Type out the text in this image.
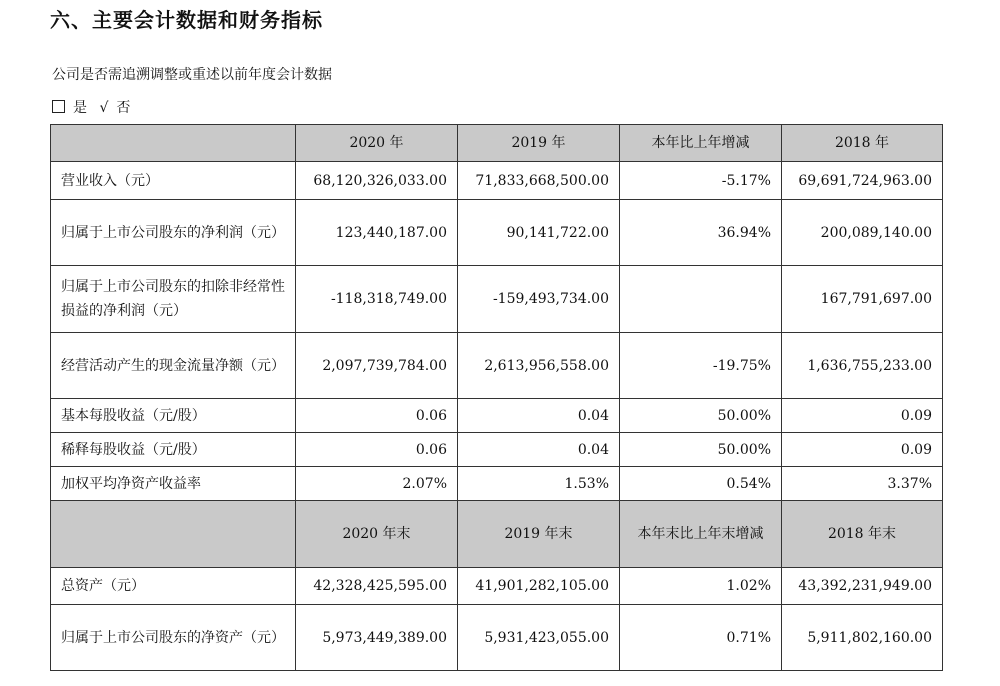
六、主要会计数据和财务指标
公司是否需追溯调整或重述以前年度会计数据
是 √ 否
	2020 年	2019 年	本年比上年增减	2018 年
营业收入（元）	68,120,326,033.00	71,833,668,500.00	-5.17%	69,691,724,963.00
归属于上市公司股东的净利润（元）	123,440,187.00	90,141,722.00	36.94%	200,089,140.00
归属于上市公司股东的扣除非经常性损益的净利润（元）	-118,318,749.00	-159,493,734.00		167,791,697.00
经营活动产生的现金流量净额（元）	2,097,739,784.00	2,613,956,558.00	-19.75%	1,636,755,233.00
基本每股收益（元/股）	0.06	0.04	50.00%	0.09
稀释每股收益（元/股）	0.06	0.04	50.00%	0.09
加权平均净资产收益率	2.07%	1.53%	0.54%	3.37%
	2020 年末	2019 年末	本年末比上年末增减	2018 年末
总资产（元）	42,328,425,595.00	41,901,282,105.00	1.02%	43,392,231,949.00
归属于上市公司股东的净资产（元）	5,973,449,389.00	5,931,423,055.00	0.71%	5,911,802,160.00
